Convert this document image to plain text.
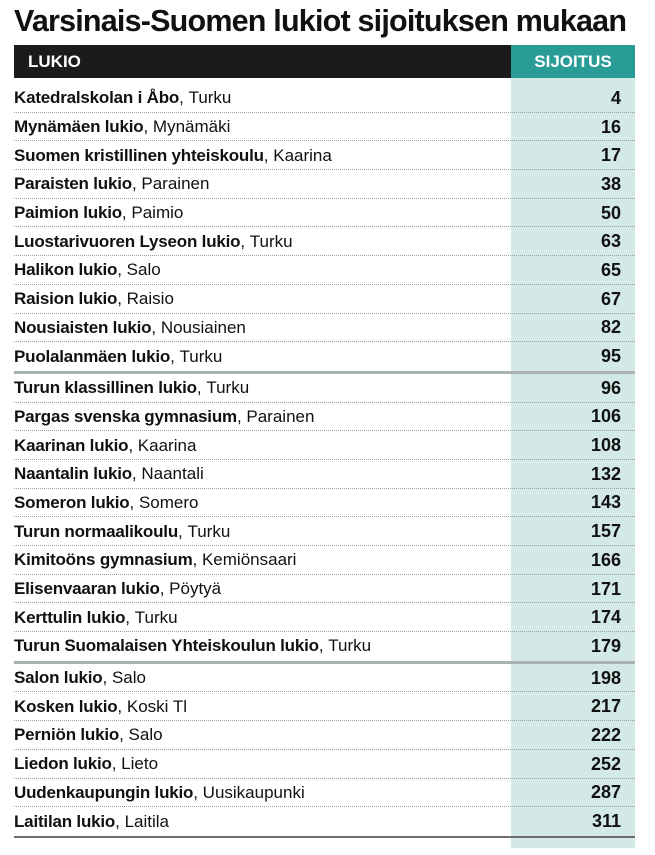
Varsinais-Suomen lukiot sijoituksen mukaan
LUKIO	SIJOITUS
Katedralskolan i Åbo , Turku	4
Mynämäen lukio , Mynämäki	16
Suomen kristillinen yhteiskoulu , Kaarina	17
Paraisten lukio , Parainen	38
Paimion lukio , Paimio	50
Luostarivuoren Lyseon lukio , Turku	63
Halikon lukio , Salo	65
Raision lukio , Raisio	67
Nousiaisten lukio , Nousiainen	82
Puolalanmäen lukio , Turku	95
Turun klassillinen lukio , Turku	96
Pargas svenska gymnasium , Parainen	106
Kaarinan lukio , Kaarina	108
Naantalin lukio , Naantali	132
Someron lukio , Somero	143
Turun normaalikoulu , Turku	157
Kimitoöns gymnasium , Kemiönsaari	166
Elisenvaaran lukio , Pöytyä	171
Kerttulin lukio , Turku	174
Turun Suomalaisen Yhteiskoulun lukio , Turku	179
Salon lukio , Salo	198
Kosken lukio , Koski Tl	217
Perniön lukio , Salo	222
Liedon lukio , Lieto	252
Uudenkaupungin lukio , Uusikaupunki	287
Laitilan lukio , Laitila	311
